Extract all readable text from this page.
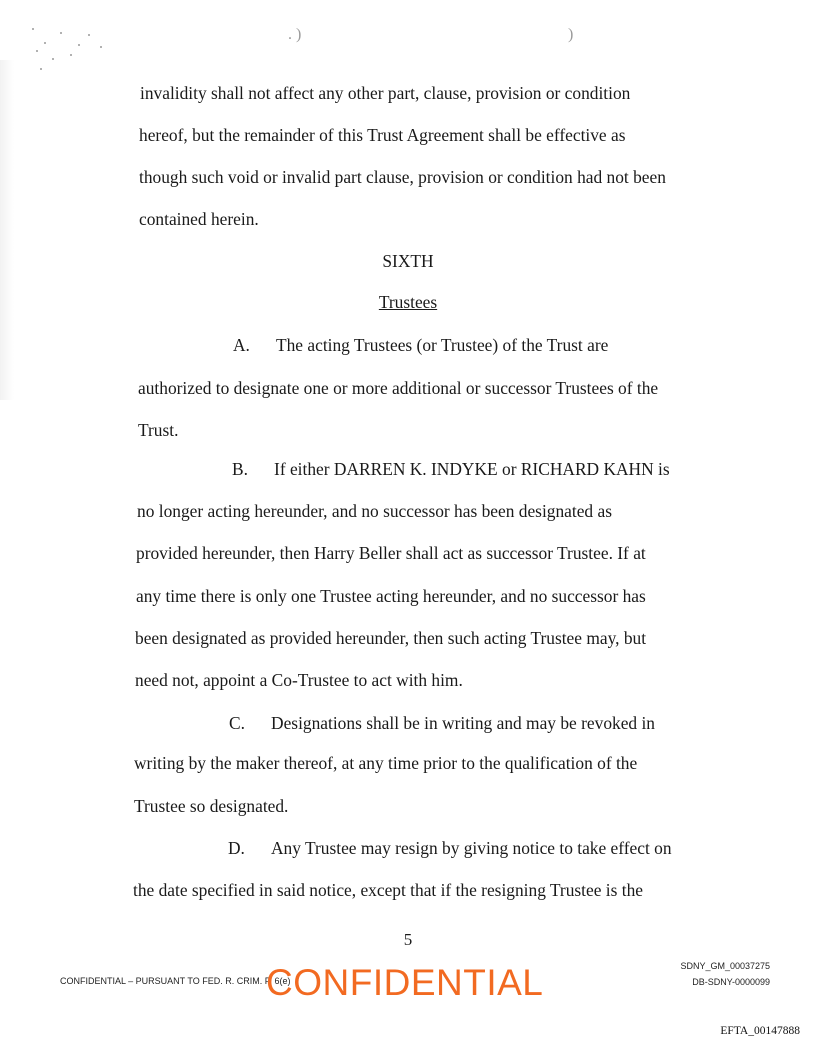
. )	)

invalidity shall not affect any other part, clause, provision or condition

hereof, but the remainder of this Trust Agreement shall be effective as

though such void or invalid part clause, provision or condition had not been

contained herein.

SIXTH

Trustees

A.      The acting Trustees (or Trustee) of the Trust are

authorized to designate one or more additional or successor Trustees of the

Trust.

B.      If either DARREN K. INDYKE or RICHARD KAHN is

no longer acting hereunder, and no successor has been designated as

provided hereunder, then Harry Beller shall act as successor Trustee. If at

any time there is only one Trustee acting hereunder, and no successor has

been designated as provided hereunder, then such acting Trustee may, but

need not, appoint a Co-Trustee to act with him.

C.      Designations shall be in writing and may be revoked in

writing by the maker thereof, at any time prior to the qualification of the

Trustee so designated.

D.      Any Trustee may resign by giving notice to take effect on

the date specified in said notice, except that if the resigning Trustee is the

5
CONFIDENTIAL – PURSUANT TO FED. R. CRIM. P. 6(e)
CONFIDENTIAL	SDNY_GM_00037275
DB-SDNY-0000099
EFTA_00147888
